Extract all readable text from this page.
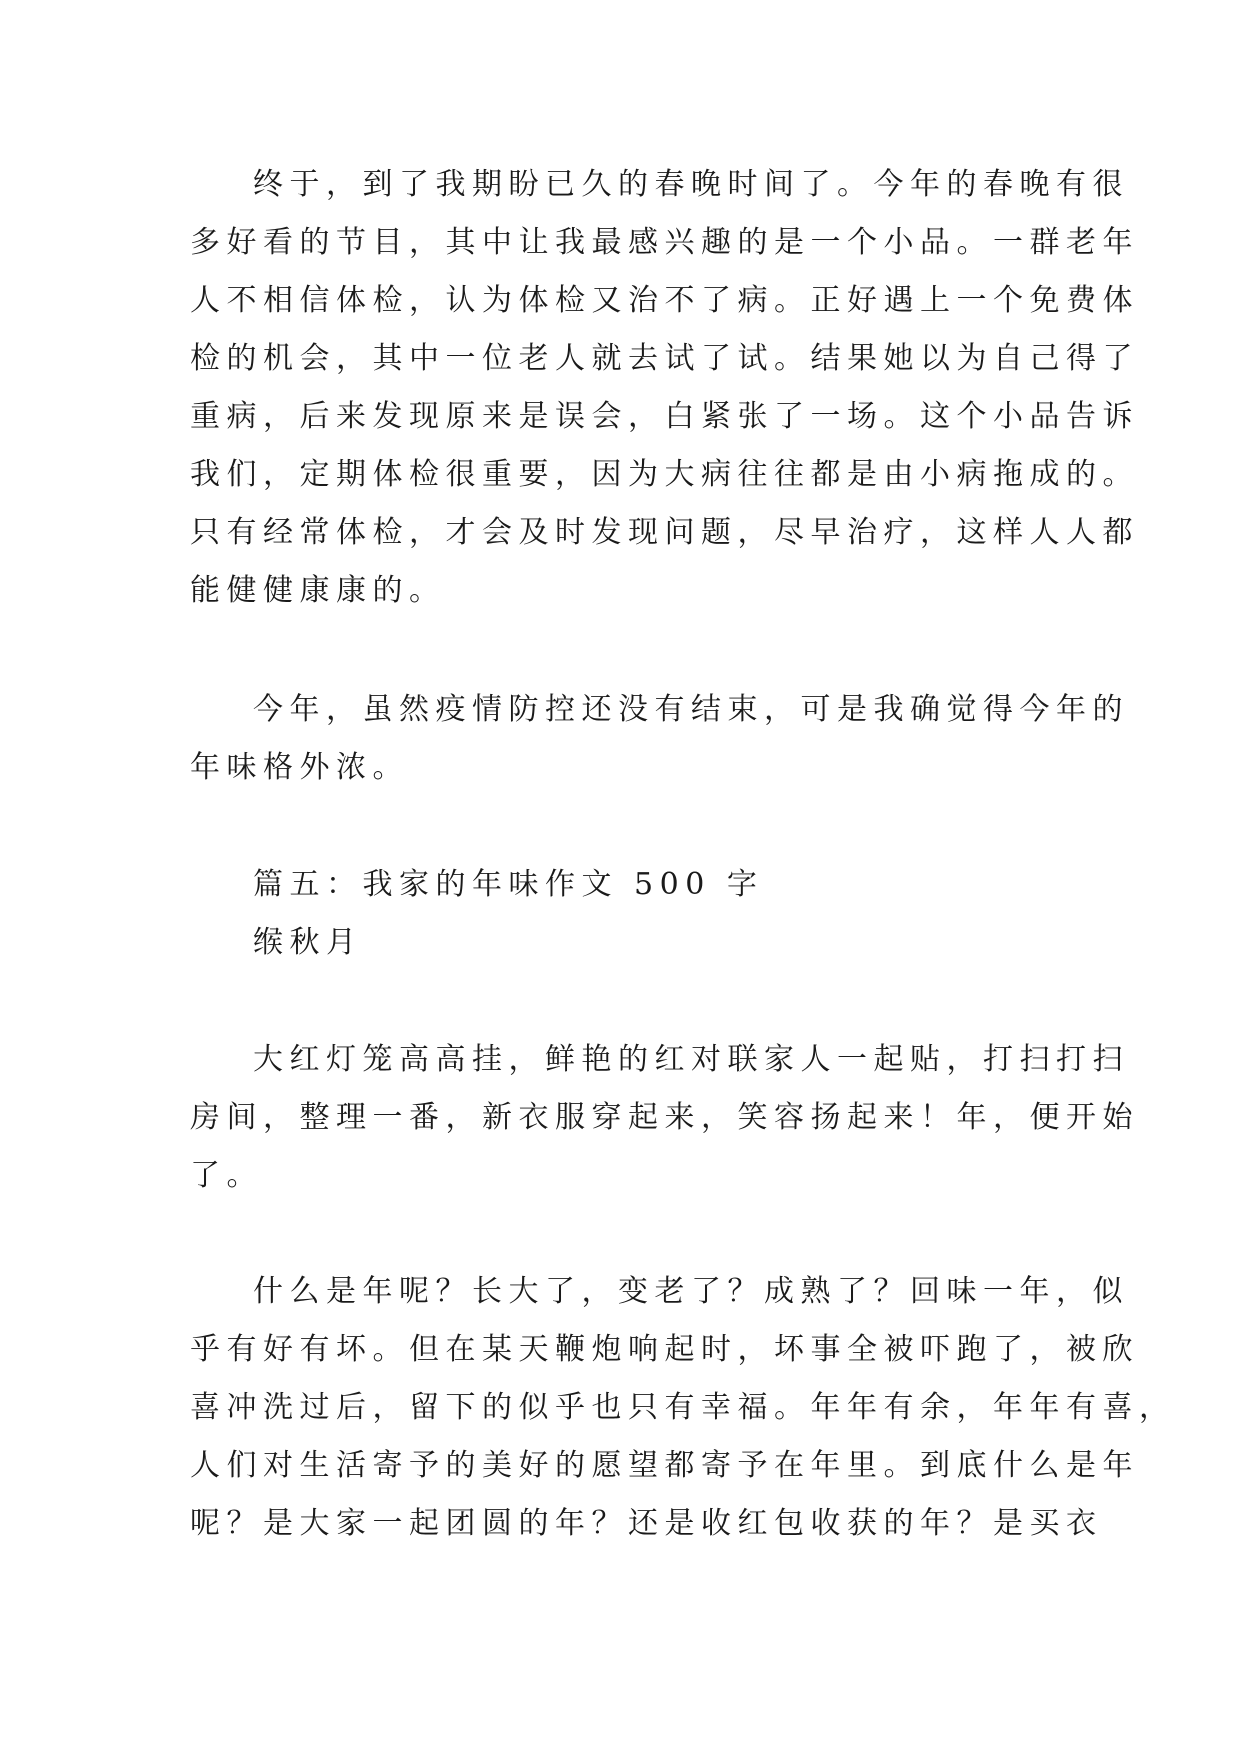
终于，到了我期盼已久的春晚时间了。今年的春晚有很
多好看的节目，其中让我最感兴趣的是一个小品。一群老年
人不相信体检，认为体检又治不了病。正好遇上一个免费体
检的机会，其中一位老人就去试了试。结果她以为自己得了
重病，后来发现原来是误会，白紧张了一场。这个小品告诉
我们，定期体检很重要，因为大病往往都是由小病拖成的。
只有经常体检，才会及时发现问题，尽早治疗，这样人人都
能健健康康的。
今年，虽然疫情防控还没有结束，可是我确觉得今年的
年味格外浓。
篇五：我家的年味作文 500 字
缑秋月
大红灯笼高高挂，鲜艳的红对联家人一起贴，打扫打扫
房间，整理一番，新衣服穿起来，笑容扬起来！年，便开始
了。
什么是年呢？长大了，变老了？成熟了？回味一年，似
乎有好有坏。但在某天鞭炮响起时，坏事全被吓跑了，被欣
喜冲洗过后，留下的似乎也只有幸福。年年有余，年年有喜，
人们对生活寄予的美好的愿望都寄予在年里。到底什么是年
呢？是大家一起团圆的年？还是收红包收获的年？是买衣
